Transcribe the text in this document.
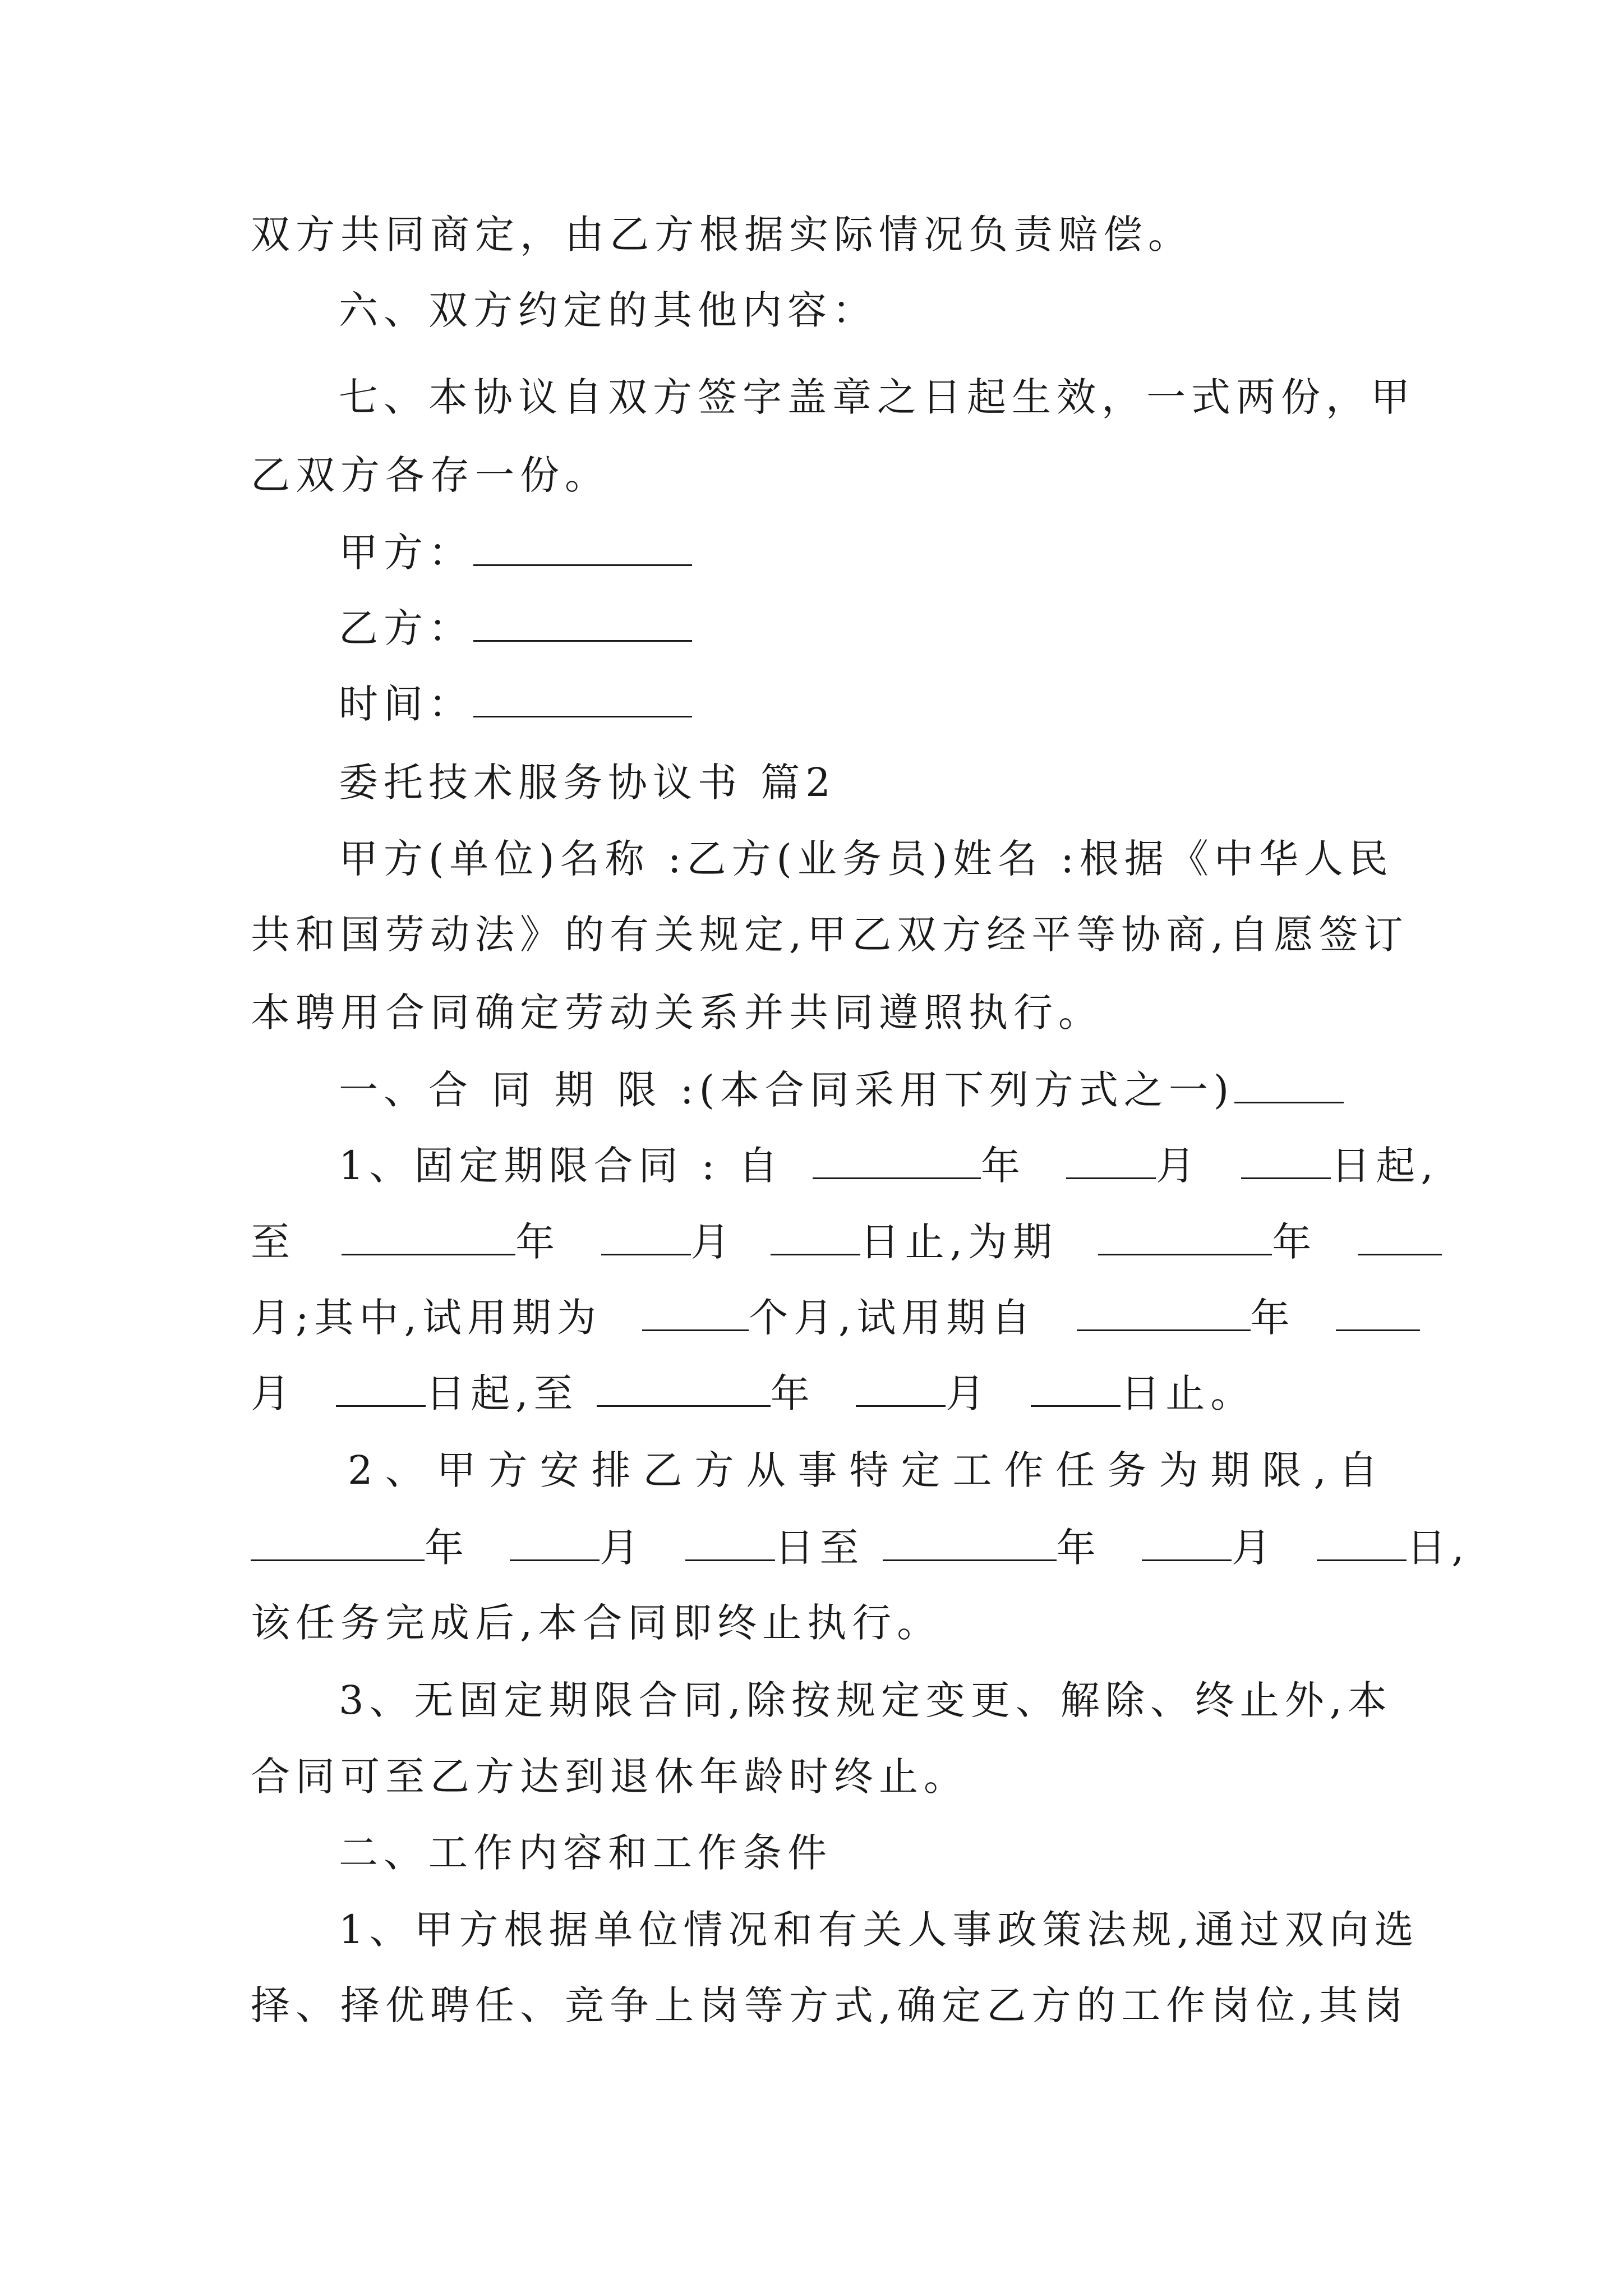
双方共同商定，由乙方根据实际情况负责赔偿。
六、双方约定的其他内容：
七、本协议自双方签字盖章之日起生效，一式两份，甲
乙双方各存一份。
甲方：
乙方：
时间：
委托技术服务协议书 篇2
甲方(单位)名称 :乙方(业务员)姓名 :根据《中华人民
共和国劳动法》的有关规定,甲乙双方经平等协商,自愿签订
本聘用合同确定劳动关系并共同遵照执行。
一、合 同 期 限 :(本合同采用下列方式之一)
1、固定期限合同 : 自	年	月	日起,
至	年	月	日止,为期	年
月;其中,试用期为	个月,试用期自	年
月	日起,至	年	月	日止。
2、甲方安排乙方从事特定工作任务为期限,自
年	月	日至	年	月	日,
该任务完成后,本合同即终止执行。
3、无固定期限合同,除按规定变更、解除、终止外,本
合同可至乙方达到退休年龄时终止。
二、工作内容和工作条件
1、甲方根据单位情况和有关人事政策法规,通过双向选
择、择优聘任、竞争上岗等方式,确定乙方的工作岗位,其岗
